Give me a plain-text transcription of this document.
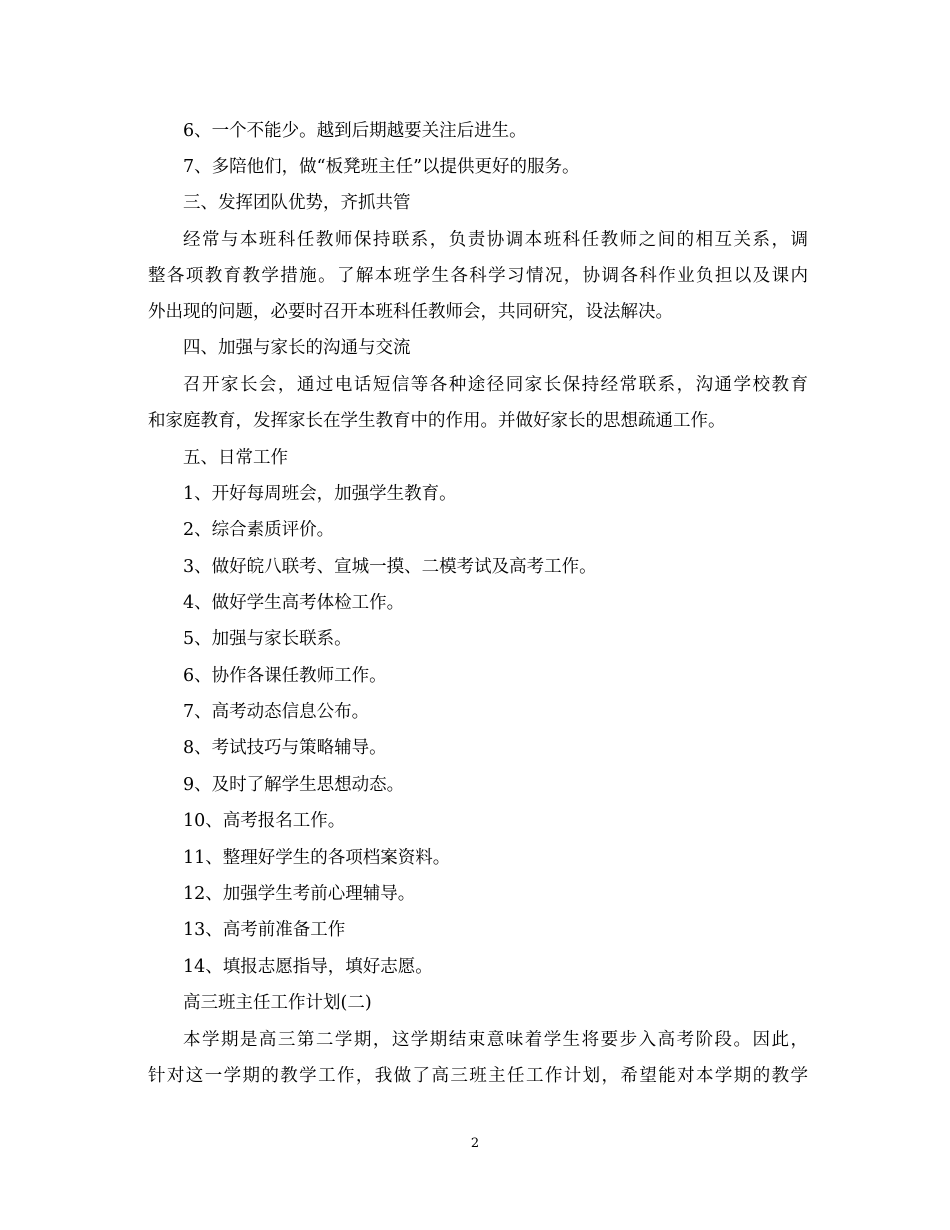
6、一个不能少。越到后期越要关注后进生。
7、多陪他们，做“板凳班主任”以提供更好的服务。
三、发挥团队优势，齐抓共管
经常与本班科任教师保持联系，负责协调本班科任教师之间的相互关系，调
整各项教育教学措施。了解本班学生各科学习情况，协调各科作业负担以及课内
外出现的问题，必要时召开本班科任教师会，共同研究，设法解决。
四、加强与家长的沟通与交流
召开家长会，通过电话短信等各种途径同家长保持经常联系，沟通学校教育
和家庭教育，发挥家长在学生教育中的作用。并做好家长的思想疏通工作。
五、日常工作
1、开好每周班会，加强学生教育。
2、综合素质评价。
3、做好皖八联考、宣城一摸、二模考试及高考工作。
4、做好学生高考体检工作。
5、加强与家长联系。
6、协作各课任教师工作。
7、高考动态信息公布。
8、考试技巧与策略辅导。
9、及时了解学生思想动态。
10、高考报名工作。
11、整理好学生的各项档案资料。
12、加强学生考前心理辅导。
13、高考前准备工作
14、填报志愿指导，填好志愿。
高三班主任工作计划(二)
本学期是高三第二学期，这学期结束意味着学生将要步入高考阶段。因此，
针对这一学期的教学工作，我做了高三班主任工作计划，希望能对本学期的教学
2
